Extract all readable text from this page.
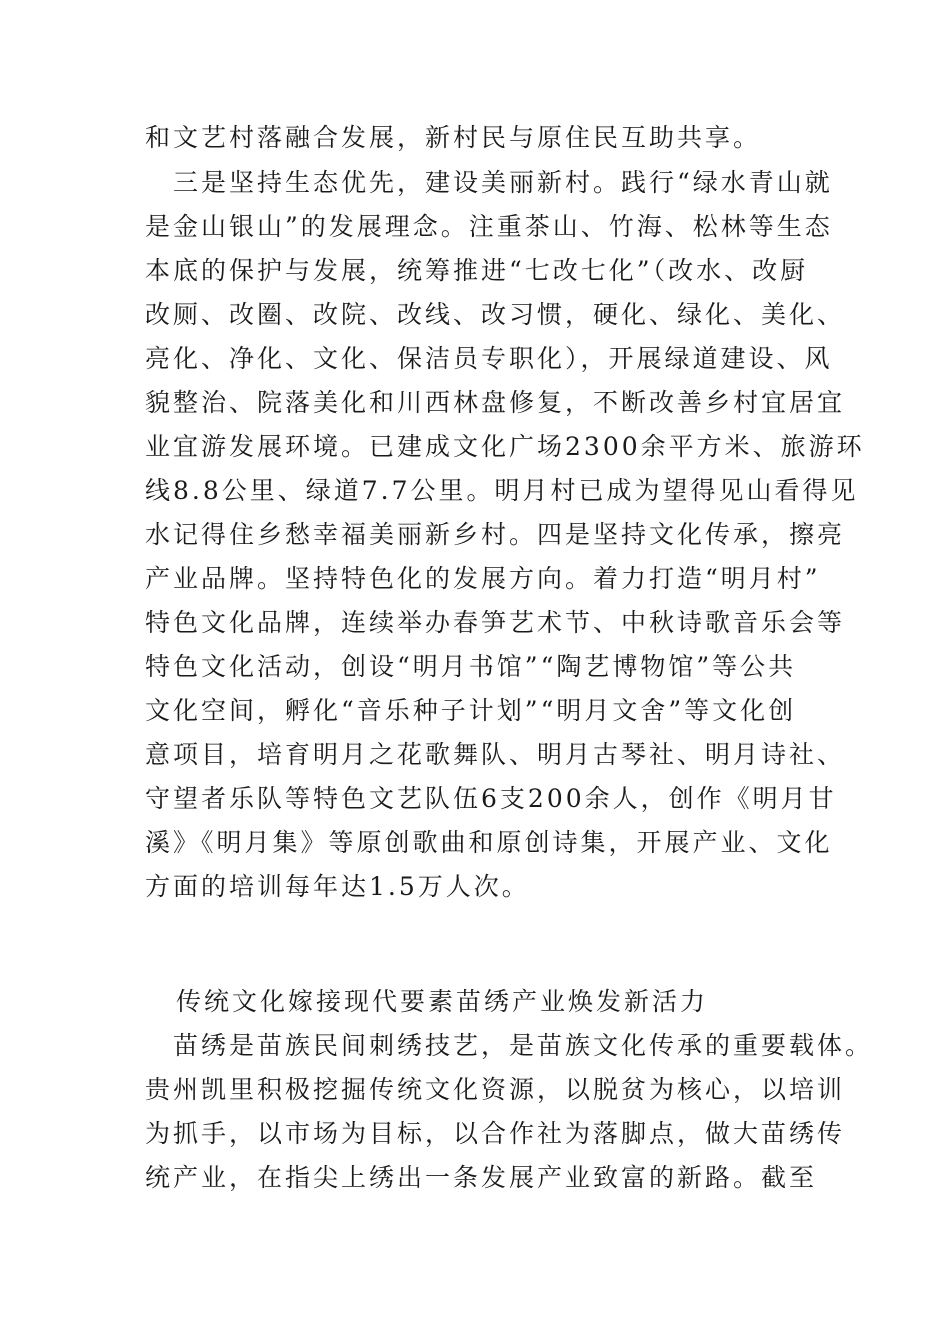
和文艺村落融合发展，新村民与原住民互助共享。
　三是坚持生态优先，建设美丽新村。践行“绿水青山就
是金山银山”的发展理念。注重茶山、竹海、松林等生态
本底的保护与发展，统筹推进“七改七化”（改水、改厨
改厕、改圈、改院、改线、改习惯，硬化、绿化、美化、
亮化、净化、文化、保洁员专职化），开展绿道建设、风
貌整治、院落美化和川西林盘修复，不断改善乡村宜居宜
业宜游发展环境。已建成文化广场2300余平方米、旅游环
线8.8公里、绿道7.7公里。明月村已成为望得见山看得见
水记得住乡愁幸福美丽新乡村。四是坚持文化传承，擦亮
产业品牌。坚持特色化的发展方向。着力打造“明月村”
特色文化品牌，连续举办春笋艺术节、中秋诗歌音乐会等
特色文化活动，创设“明月书馆”“陶艺博物馆”等公共
文化空间，孵化“音乐种子计划”“明月文舍”等文化创
意项目，培育明月之花歌舞队、明月古琴社、明月诗社、
守望者乐队等特色文艺队伍6支200余人，创作《明月甘
溪》《明月集》等原创歌曲和原创诗集，开展产业、文化
方面的培训每年达1.5万人次。
传统文化嫁接现代要素苗绣产业焕发新活力
　苗绣是苗族民间刺绣技艺，是苗族文化传承的重要载体。
贵州凯里积极挖掘传统文化资源，以脱贫为核心，以培训
为抓手，以市场为目标，以合作社为落脚点，做大苗绣传
统产业，在指尖上绣出一条发展产业致富的新路。截至
